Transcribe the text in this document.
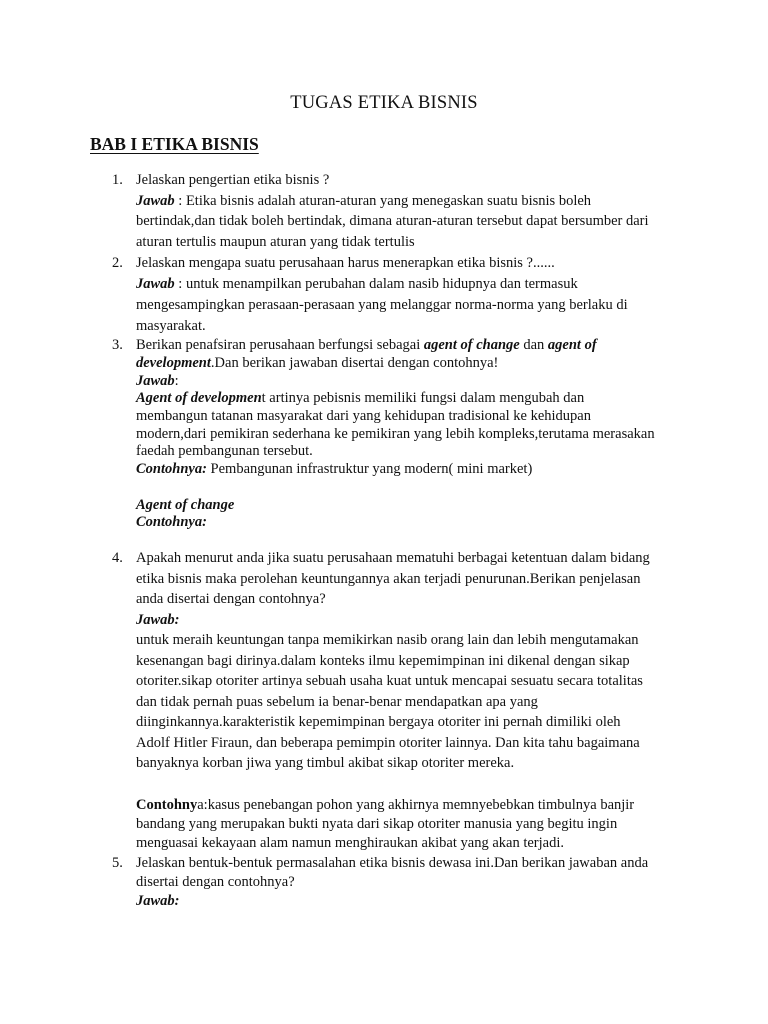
TUGAS ETIKA BISNIS
BAB I ETIKA BISNIS
1. Jelaskan pengertian etika bisnis ?
Jawab : Etika bisnis adalah aturan-aturan yang menegaskan suatu bisnis boleh
bertindak,dan tidak boleh bertindak, dimana aturan-aturan tersebut dapat bersumber dari
aturan tertulis maupun aturan yang tidak tertulis
2. Jelaskan mengapa suatu perusahaan harus menerapkan etika bisnis ?......
Jawab : untuk menampilkan perubahan dalam nasib hidupnya dan termasuk
mengesampingkan perasaan-perasaan yang melanggar norma-norma yang berlaku di
masyarakat.
3. Berikan penafsiran perusahaan berfungsi sebagai agent of change dan agent of
development.Dan berikan jawaban disertai dengan contohnya!
Jawab:
Agent of development artinya pebisnis memiliki fungsi dalam mengubah dan
membangun tatanan masyarakat dari yang kehidupan tradisional ke kehidupan
modern,dari pemikiran sederhana ke pemikiran yang lebih kompleks,terutama merasakan
faedah pembangunan tersebut.
Contohnya: Pembangunan infrastruktur yang modern( mini market)
Agent of change
Contohnya:
4. Apakah menurut anda jika suatu perusahaan mematuhi berbagai ketentuan dalam bidang
etika bisnis maka perolehan keuntungannya akan terjadi penurunan.Berikan penjelasan
anda disertai dengan contohnya?
Jawab:
untuk meraih keuntungan tanpa memikirkan nasib orang lain dan lebih mengutamakan
kesenangan bagi dirinya.dalam konteks ilmu kepemimpinan ini dikenal dengan sikap
otoriter.sikap otoriter artinya sebuah usaha kuat untuk mencapai sesuatu secara totalitas
dan tidak pernah puas sebelum ia benar-benar mendapatkan apa yang
diinginkannya.karakteristik kepemimpinan bergaya otoriter ini pernah dimiliki oleh
Adolf Hitler Firaun, dan beberapa pemimpin otoriter lainnya. Dan kita tahu bagaimana
banyaknya korban jiwa yang timbul akibat sikap otoriter mereka.
Contohnya:kasus penebangan pohon yang akhirnya memnyebebkan timbulnya banjir
bandang yang merupakan bukti nyata dari sikap otoriter manusia yang begitu ingin
menguasai kekayaan alam namun menghiraukan akibat yang akan terjadi.
5. Jelaskan bentuk-bentuk permasalahan etika bisnis dewasa ini.Dan berikan jawaban anda
disertai dengan contohnya?
Jawab:
